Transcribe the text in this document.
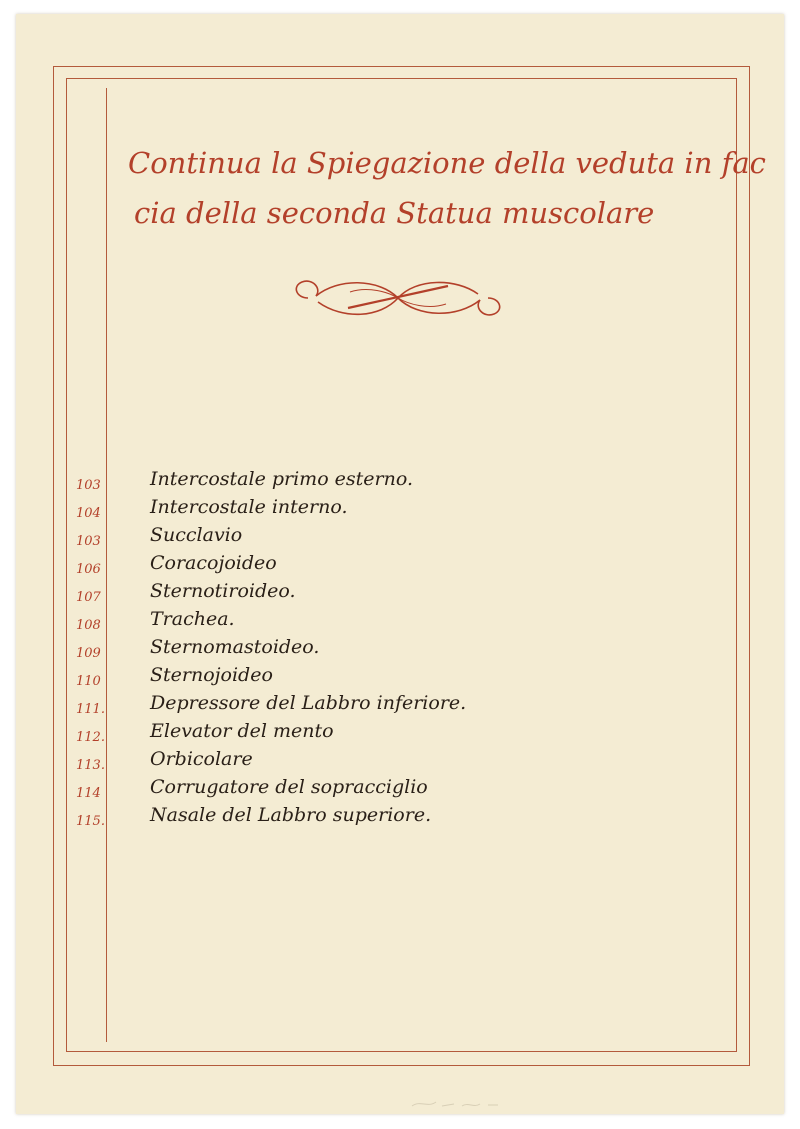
Continua la Spiegazione della veduta in fac
cia della seconda Statua muscolare
103	Intercostale primo esterno.
104	Intercostale interno.
103	Succlavio
106	Coracojoideo
107	Sternotiroideo.
108	Trachea.
109	Sternomastoideo.
110	Sternojoideo
111.	Depressore del Labbro inferiore.
112.	Elevator del mento
113.	Orbicolare
114	Corrugatore del sopracciglio
115.	Nasale del Labbro superiore.
